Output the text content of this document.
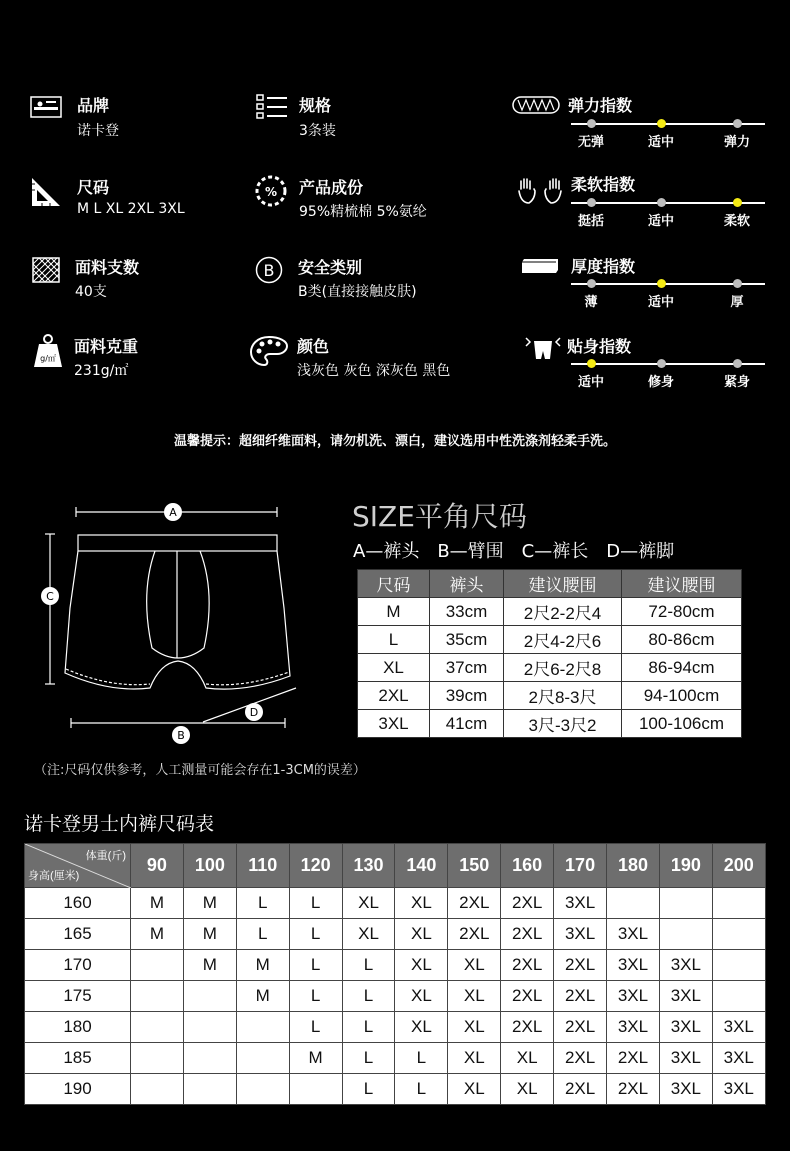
品牌
诺卡登
规格
3条装
尺码
M L XL 2XL 3XL
% 产品成份
95%精梳棉 5%氨纶
面料支数
40支
B 安全类别
B类(直接接触皮肤)
g/㎡
面料克重
231g/㎡
颜色
浅灰色 灰色 深灰色 黑色
弹力指数
无弹	适中	弹力
柔软指数
挺括	适中	柔软
厚度指数
薄	适中	厚
贴身指数
适中	修身	紧身
温馨提示：超细纤维面料，请勿机洗、漂白，建议选用中性洗涤剂轻柔手洗。
A
C
B
D
SIZE平角尺码
A—裤头　B—臂围　C—裤长　D—裤脚
尺码	裤头	建议腰围	建议腰围
M	33cm	2尺2-2尺4	72-80cm
L	35cm	2尺4-2尺6	80-86cm
XL	37cm	2尺6-2尺8	86-94cm
2XL	39cm	2尺8-3尺	94-100cm
3XL	41cm	3尺-3尺2	100-106cm
（注:尺码仅供参考，人工测量可能会存在1-3CM的误差）
诺卡登男士内裤尺码表
体重(斤)
身高(厘米)	90	100	110	120	130	140	150	160	170	180	190	200
160	M	M	L	L	XL	XL	2XL	2XL	3XL			
165	M	M	L	L	XL	XL	2XL	2XL	3XL	3XL		
170		M	M	L	L	XL	XL	2XL	2XL	3XL	3XL	
175			M	L	L	XL	XL	2XL	2XL	3XL	3XL	
180				L	L	XL	XL	2XL	2XL	3XL	3XL	3XL
185				M	L	L	XL	XL	2XL	2XL	3XL	3XL
190					L	L	XL	XL	2XL	2XL	3XL	3XL
